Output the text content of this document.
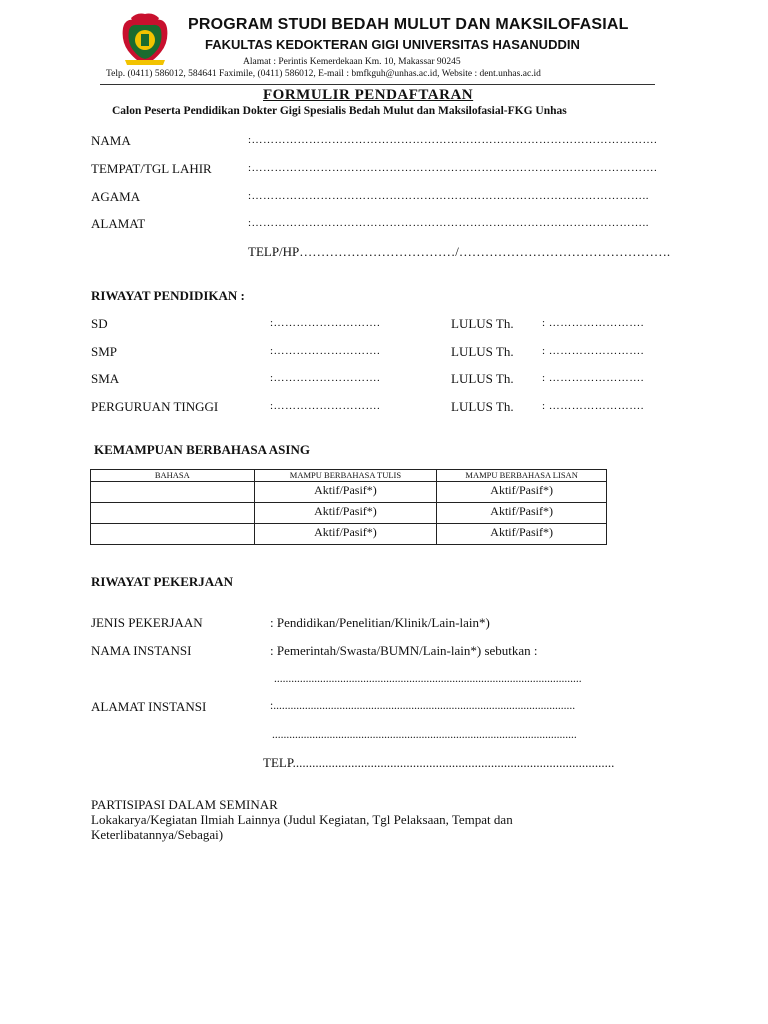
PROGRAM STUDI BEDAH MULUT DAN MAKSILOFASIAL
FAKULTAS KEDOKTERAN GIGI UNIVERSITAS HASANUDDIN
Alamat : Perintis Kemerdekaan Km. 10, Makassar 90245
Telp. (0411) 586012, 584641 Faximile, (0411) 586012, E-mail : bmfkguh@unhas.ac.id, Website : dent.unhas.ac.id
FORMULIR PENDAFTARAN
Calon Peserta Pendidikan Dokter Gigi Spesialis Bedah Mulut dan Maksilofasial-FKG Unhas
NAMA	:…………………………………………………………………………………………….
TEMPAT/TGL LAHIR	:…………………………………………………………………………………………….
AGAMA	:…………………………………………………………………………………………..
ALAMAT	:…………………………………………………………………………………………..
TELP/HP………………………………/………………………………………….
RIWAYAT PENDIDIKAN :
SD	:……………………….	LULUS Th.	: …………………….
SMP	:……………………….	LULUS Th.	: …………………….
SMA	:……………………….	LULUS Th.	: …………………….
PERGURUAN TINGGI	:……………………….	LULUS Th.	: …………………….
KEMAMPUAN BERBAHASA ASING
BAHASA	MAMPU BERBAHASA TULIS	MAMPU BERBAHASA LISAN
	Aktif/Pasif*)	Aktif/Pasif*)
	Aktif/Pasif*)	Aktif/Pasif*)
	Aktif/Pasif*)	Aktif/Pasif*)
RIWAYAT PEKERJAAN
JENIS PEKERJAAN	: Pendidikan/Penelitian/Klinik/Lain-lain*)
NAMA INSTANSI	: Pemerintah/Swasta/BUMN/Lain-lain*) sebutkan :
...........................................................................................................
ALAMAT INSTANSI	:.........................................................................................................
..........................................................................................................
TELP...................................................................................................
PARTISIPASI DALAM SEMINAR
Lokakarya/Kegiatan Ilmiah Lainnya (Judul Kegiatan, Tgl Pelaksaan, Tempat dan
Keterlibatannya/Sebagai)
